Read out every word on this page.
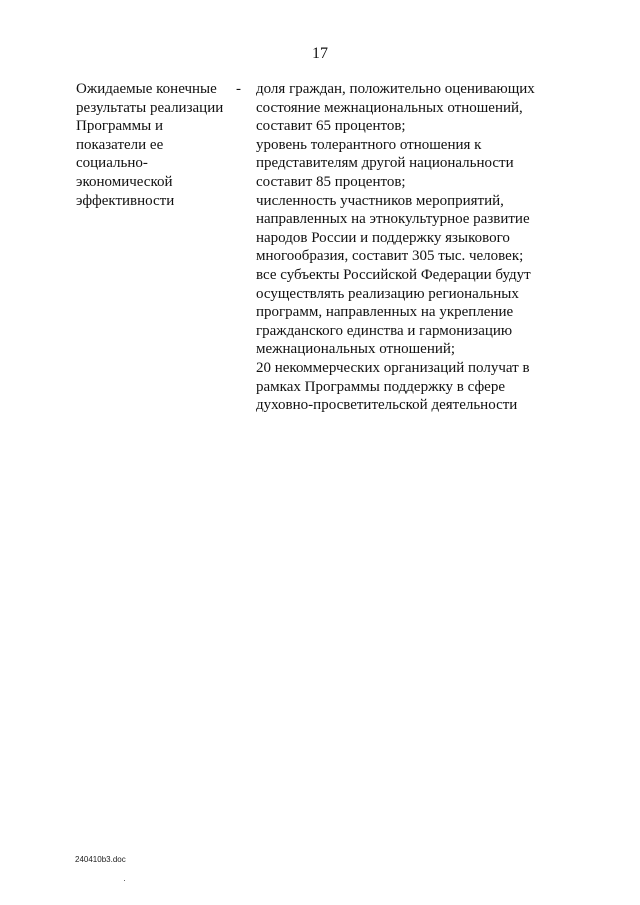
17
Ожидаемые конечные
результаты реализации
Программы и
показатели ее
социально-
экономической
эффективности
- доля граждан, положительно оценивающих
состояние межнациональных отношений,
составит 65 процентов;
уровень толерантного отношения к
представителям другой национальности
составит 85 процентов;
численность участников мероприятий,
направленных на этнокультурное развитие
народов России и поддержку языкового
многообразия, составит 305 тыс. человек;
все субъекты Российской Федерации будут
осуществлять реализацию региональных
программ, направленных на укрепление
гражданского единства и гармонизацию
межнациональных отношений;
20 некоммерческих организаций получат в
рамках Программы поддержку в сфере
духовно-просветительской деятельности
240410b3.doc
